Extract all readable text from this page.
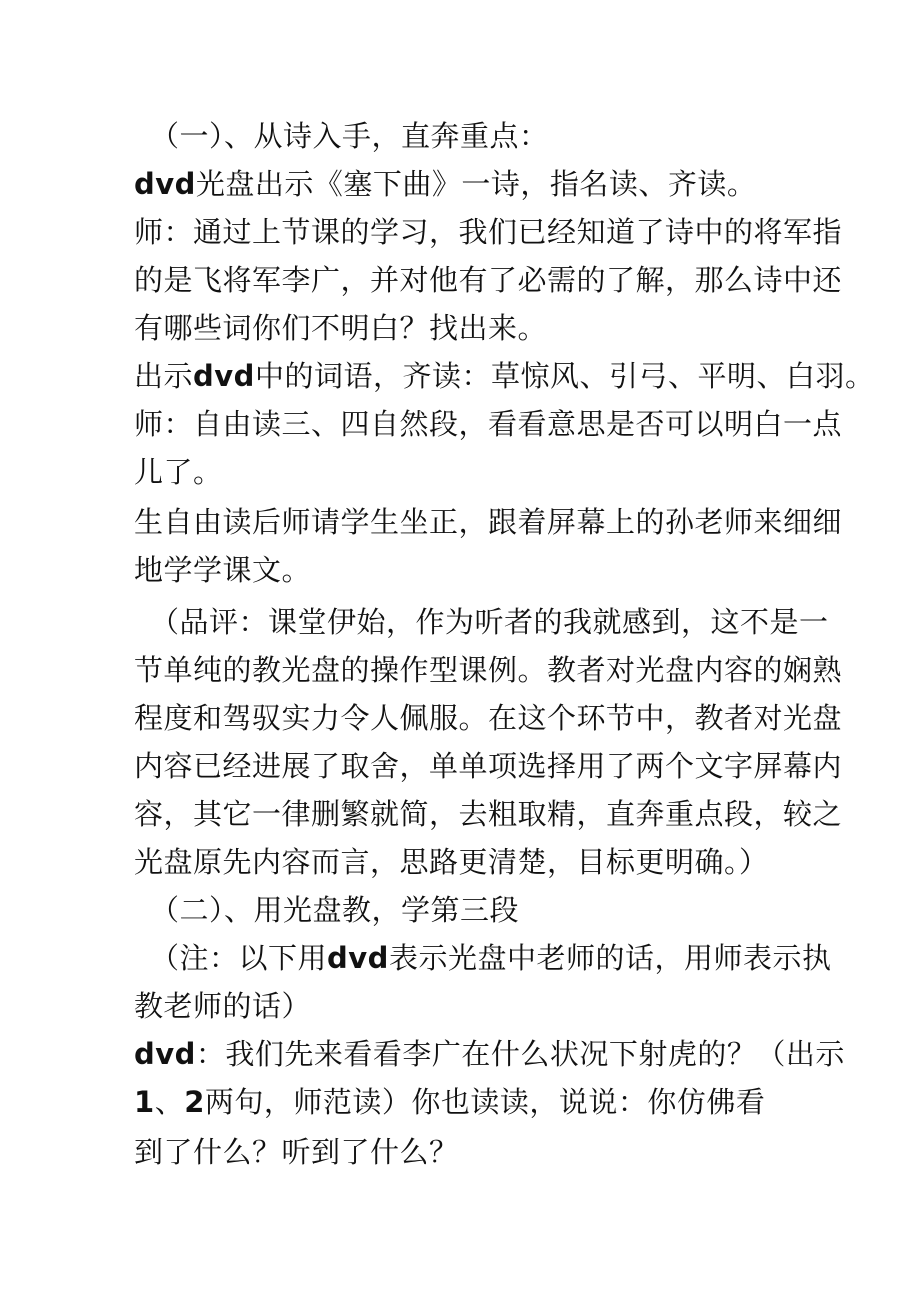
（一）、从诗入手，直奔重点：
dvd光盘出示《塞下曲》一诗，指名读、齐读。
师：通过上节课的学习，我们已经知道了诗中的将军指
的是飞将军李广，并对他有了必需的了解，那么诗中还
有哪些词你们不明白？找出来。
出示dvd中的词语，齐读：草惊风、引弓、平明、白羽。
师：自由读三、四自然段，看看意思是否可以明白一点
儿了。
生自由读后师请学生坐正，跟着屏幕上的孙老师来细细
地学学课文。
（品评：课堂伊始，作为听者的我就感到，这不是一
节单纯的教光盘的操作型课例。教者对光盘内容的娴熟
程度和驾驭实力令人佩服。在这个环节中，教者对光盘
内容已经进展了取舍，单单项选择用了两个文字屏幕内
容，其它一律删繁就简，去粗取精，直奔重点段，较之
光盘原先内容而言，思路更清楚，目标更明确。）
（二）、用光盘教，学第三段
（注：以下用dvd表示光盘中老师的话，用师表示执
教老师的话）
dvd：我们先来看看李广在什么状况下射虎的？（出示
1、2两句，师范读）你也读读，说说：你仿佛看
到了什么？听到了什么？
